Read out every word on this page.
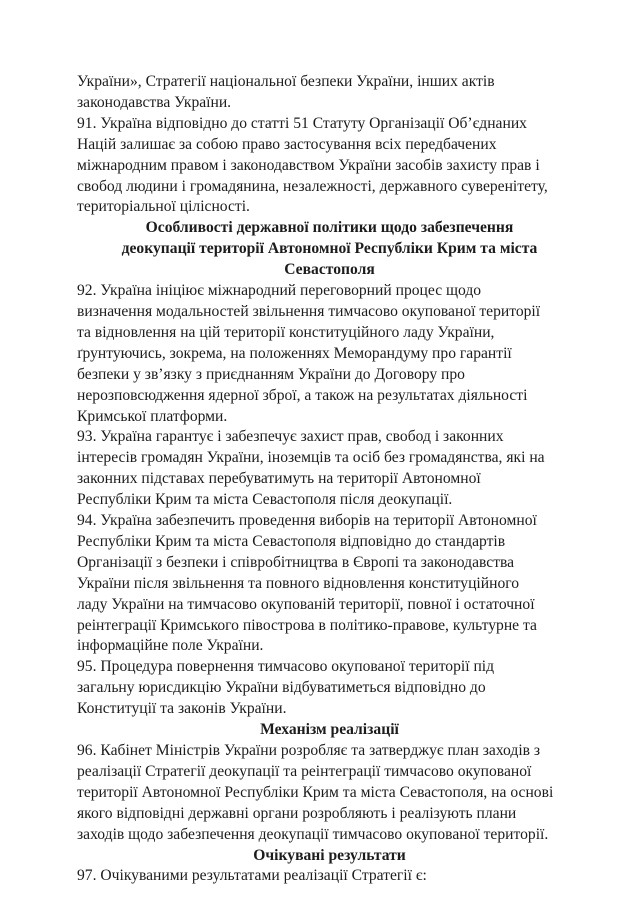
України», Стратегії національної безпеки України, інших актів
законодавства України.

91. Україна відповідно до статті 51 Статуту Організації Об’єднаних
Націй залишає за собою право застосування всіх передбачених
міжнародним правом і законодавством України засобів захисту прав і
свобод людини і громадянина, незалежності, державного суверенітету,
територіальної цілісності.

Особливості державної політики щодо забезпечення
деокупації території Автономної Республіки Крим та міста
Севастополя

92. Україна ініціює міжнародний переговорний процес щодо
визначення модальностей звільнення тимчасово окупованої території
та відновлення на цій території конституційного ладу України,
ґрунтуючись, зокрема, на положеннях Меморандуму про гарантії
безпеки у зв’язку з приєднанням України до Договору про
нерозповсюдження ядерної зброї, а також на результатах діяльності
Кримської платформи.

93. Україна гарантує і забезпечує захист прав, свобод і законних
інтересів громадян України, іноземців та осіб без громадянства, які на
законних підставах перебуватимуть на території Автономної
Республіки Крим та міста Севастополя після деокупації.

94. Україна забезпечить проведення виборів на території Автономної
Республіки Крим та міста Севастополя відповідно до стандартів
Організації з безпеки і співробітництва в Європі та законодавства
України після звільнення та повного відновлення конституційного
ладу України на тимчасово окупованій території, повної і остаточної
реінтеграції Кримського півострова в політико-правове, культурне та
інформаційне поле України.

95. Процедура повернення тимчасово окупованої території під
загальну юрисдикцію України відбуватиметься відповідно до
Конституції та законів України.

Механізм реалізації

96. Кабінет Міністрів України розробляє та затверджує план заходів з
реалізації Стратегії деокупації та реінтеграції тимчасово окупованої
території Автономної Республіки Крим та міста Севастополя, на основі
якого відповідні державні органи розробляють і реалізують плани
заходів щодо забезпечення деокупації тимчасово окупованої території.

Очікувані результати

97. Очікуваними результатами реалізації Стратегії є:
